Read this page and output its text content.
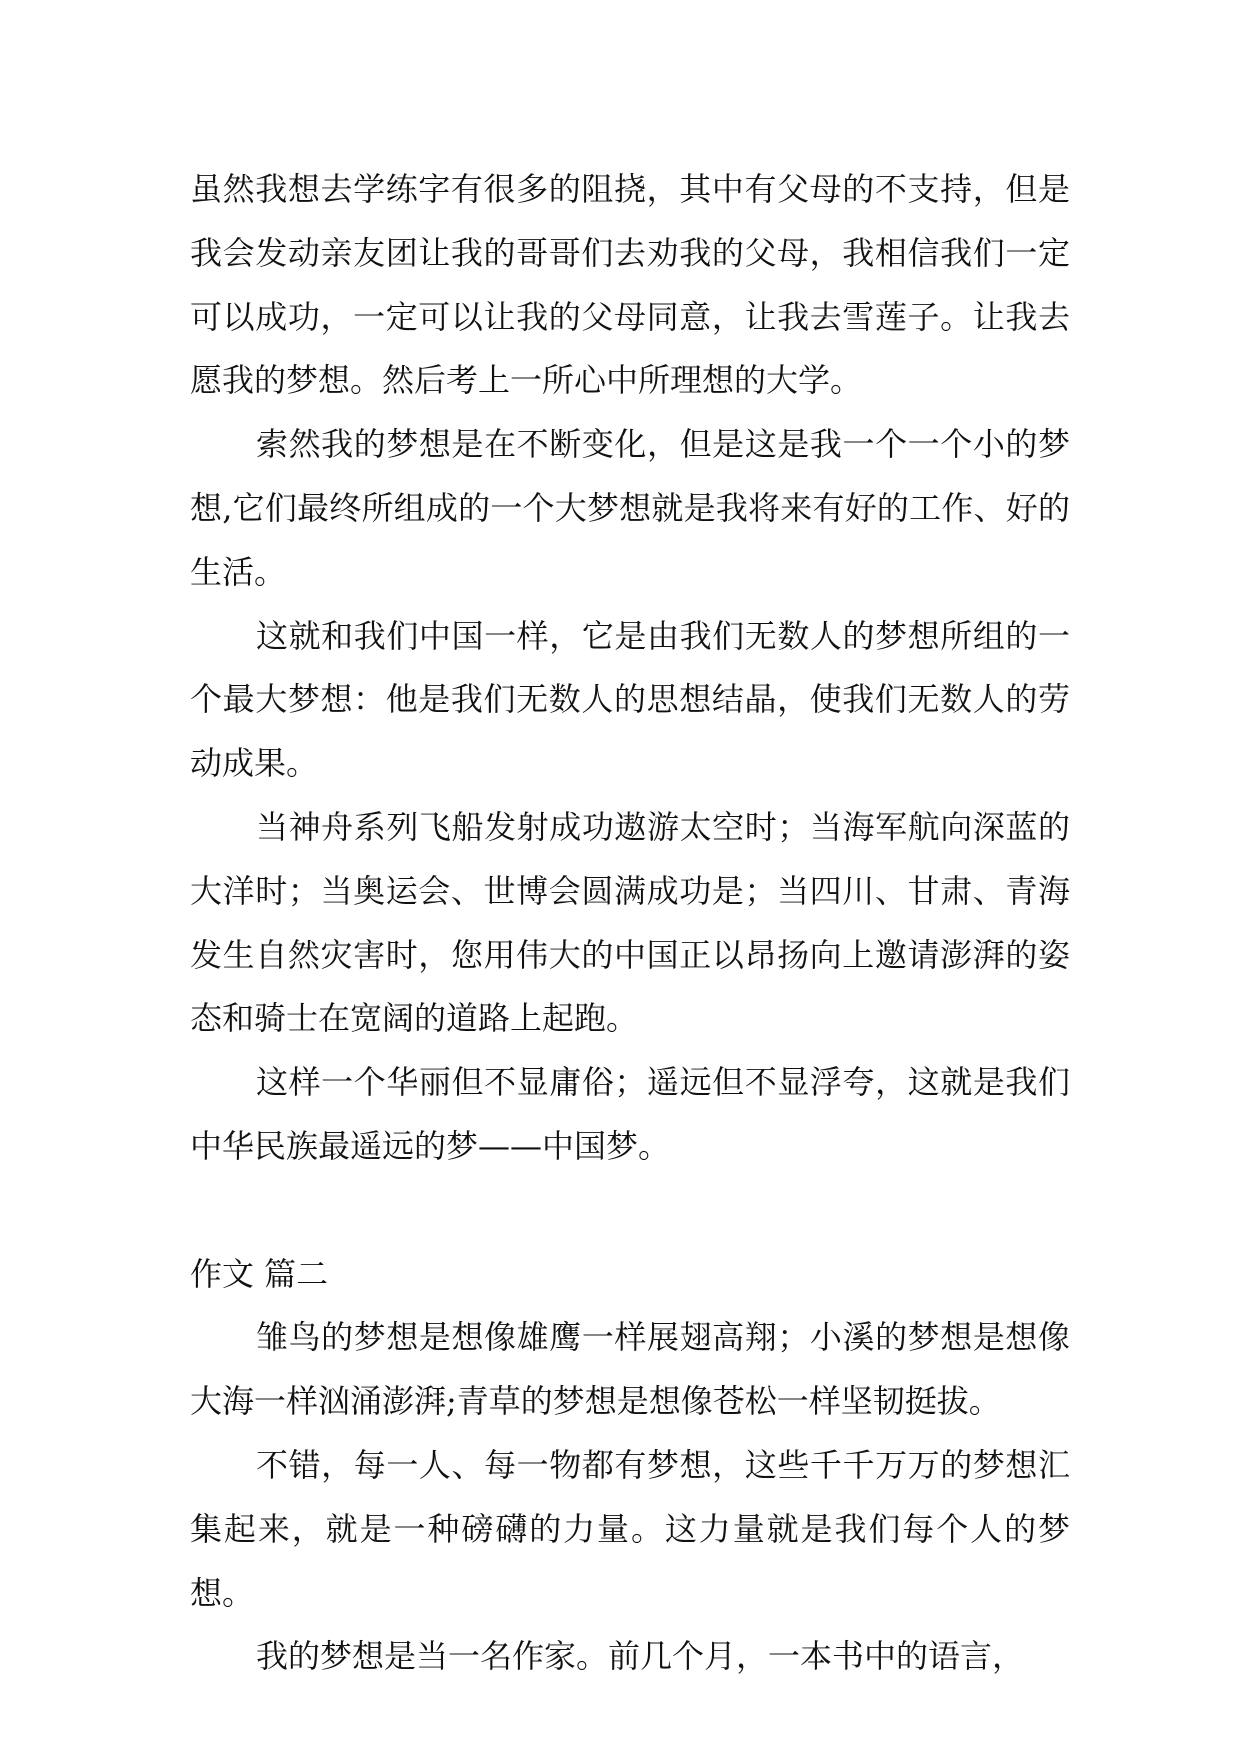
虽然我想去学练字有很多的阻挠，其中有父母的不支持，但是我会发动亲友团让我的哥哥们去劝我的父母，我相信我们一定可以成功，一定可以让我的父母同意，让我去雪莲子。让我去愿我的梦想。然后考上一所心中所理想的大学。

索然我的梦想是在不断变化，但是这是我一个一个小的梦想,它们最终所组成的一个大梦想就是我将来有好的工作、好的生活。

这就和我们中国一样，它是由我们无数人的梦想所组的一个最大梦想：他是我们无数人的思想结晶，使我们无数人的劳动成果。

当神舟系列飞船发射成功遨游太空时；当海军航向深蓝的大洋时；当奥运会、世博会圆满成功是；当四川、甘肃、青海发生自然灾害时，您用伟大的中国正以昂扬向上邀请澎湃的姿态和骑士在宽阔的道路上起跑。

这样一个华丽但不显庸俗；遥远但不显浮夸，这就是我们中华民族最遥远的梦——中国梦。

作文 篇二

雏鸟的梦想是想像雄鹰一样展翅高翔；小溪的梦想是想像大海一样汹涌澎湃;青草的梦想是想像苍松一样坚韧挺拔。

不错，每一人、每一物都有梦想，这些千千万万的梦想汇集起来，就是一种磅礴的力量。这力量就是我们每个人的梦想。

我的梦想是当一名作家。前几个月，一本书中的语言，
